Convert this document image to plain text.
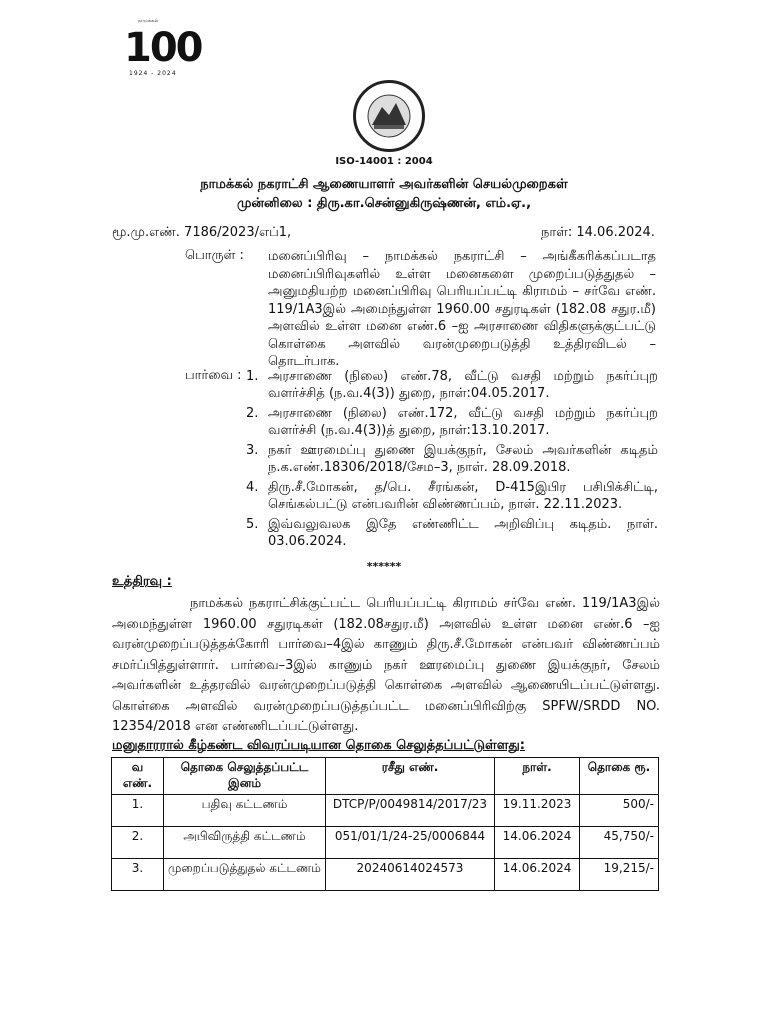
நாமக்கல்
100
1924 - 2024
ISO-14001 : 2004
நாமக்கல் நகராட்சி ஆணையாளர் அவர்களின் செயல்முறைகள்
முன்னிலை : திரு.கா.சென்னுகிருஷ்ணன், எம்.ஏ.,
மூ.மு.எண். 7186/2023/எப்1,	நாள்: 14.06.2024.
பொருள் : மனைப்பிரிவு – நாமக்கல் நகராட்சி – அங்கீகரிக்கப்படாத மனைப்பிரிவுகளில் உள்ள மனைகளை முறைப்படுத்துதல் – அனுமதியற்ற மனைப்பிரிவு பெரியப்பட்டி கிராமம் – சர்வே எண். 119/1A3இல் அமைந்துள்ள 1960.00 சதுரடிகள் (182.08 சதுர.மீ) அளவில் உள்ள மனை எண்.6 –ஐ அரசாணை விதிகளுக்குட்பட்டு கொள்கை அளவில் வரன்முறைபடுத்தி உத்திரவிடல் – தொடர்பாக.
பார்வை : 1. அரசாணை (நிலை) எண்.78, வீட்டு வசதி மற்றும் நகர்ப்புற வளர்ச்சித் (ந.வ.4(3)) துறை, நாள்:04.05.2017.
2. அரசாணை (நிலை) எண்.172, வீட்டு வசதி மற்றும் நகர்ப்புற வளர்ச்சி (ந.வ.4(3))த் துறை, நாள்:13.10.2017.
3. நகர் ஊரமைப்பு துணை இயக்குநர், சேலம் அவர்களின் கடிதம் ந.க.எண்.18306/2018/சேம–3, நாள். 28.09.2018.
4. திரு.சீ.மோகன், த/பெ. சீரங்கன், D-415இபிர பசிபிக்சிட்டி, செங்கல்பட்டு என்பவரின் விண்ணப்பம், நாள். 22.11.2023.
5. இவ்வலுவலக இதே எண்ணிட்ட அறிவிப்பு கடிதம். நாள். 03.06.2024.
******
உத்திரவு :
நாமக்கல் நகராட்சிக்குட்பட்ட பெரியப்பட்டி கிராமம் சர்வே எண். 119/1A3இல் அமைந்துள்ள 1960.00 சதுரடிகள் (182.08சதுர.மீ) அளவில் உள்ள மனை எண்.6 –ஐ வரன்முறைப்படுத்தக்கோரி பார்வை–4இல் காணும் திரு.சீ.மோகன் என்பவர் விண்ணப்பம் சமர்ப்பித்துள்ளார். பார்வை–3இல் காணும் நகர் ஊரமைப்பு துணை இயக்குநர், சேலம் அவர்களின் உத்தரவில் வரன்முறைப்படுத்தி கொள்கை அளவில் ஆணையிடப்பட்டுள்ளது. கொள்கை அளவில் வரன்முறைப்படுத்தப்பட்ட மனைப்பிரிவிற்கு SPFW/SRDD NO. 12354/2018 என எண்ணிடப்பட்டுள்ளது.
மனுதாரரால் கீழ்கண்ட விவரப்படியான தொகை செலுத்தப்பட்டுள்ளது:
வ எண்.	தொகை செலுத்தப்பட்ட இனம்	ரசீது எண்.	நாள்.	தொகை ரூ.
1.	பதிவு கட்டணம்	DTCP/P/0049814/2017/23	19.11.2023	500/-
2.	அபிவிருத்தி கட்டணம்	051/01/1/24-25/0006844	14.06.2024	45,750/-
3.	முறைப்படுத்துதல் கட்டணம்	20240614024573	14.06.2024	19,215/-
